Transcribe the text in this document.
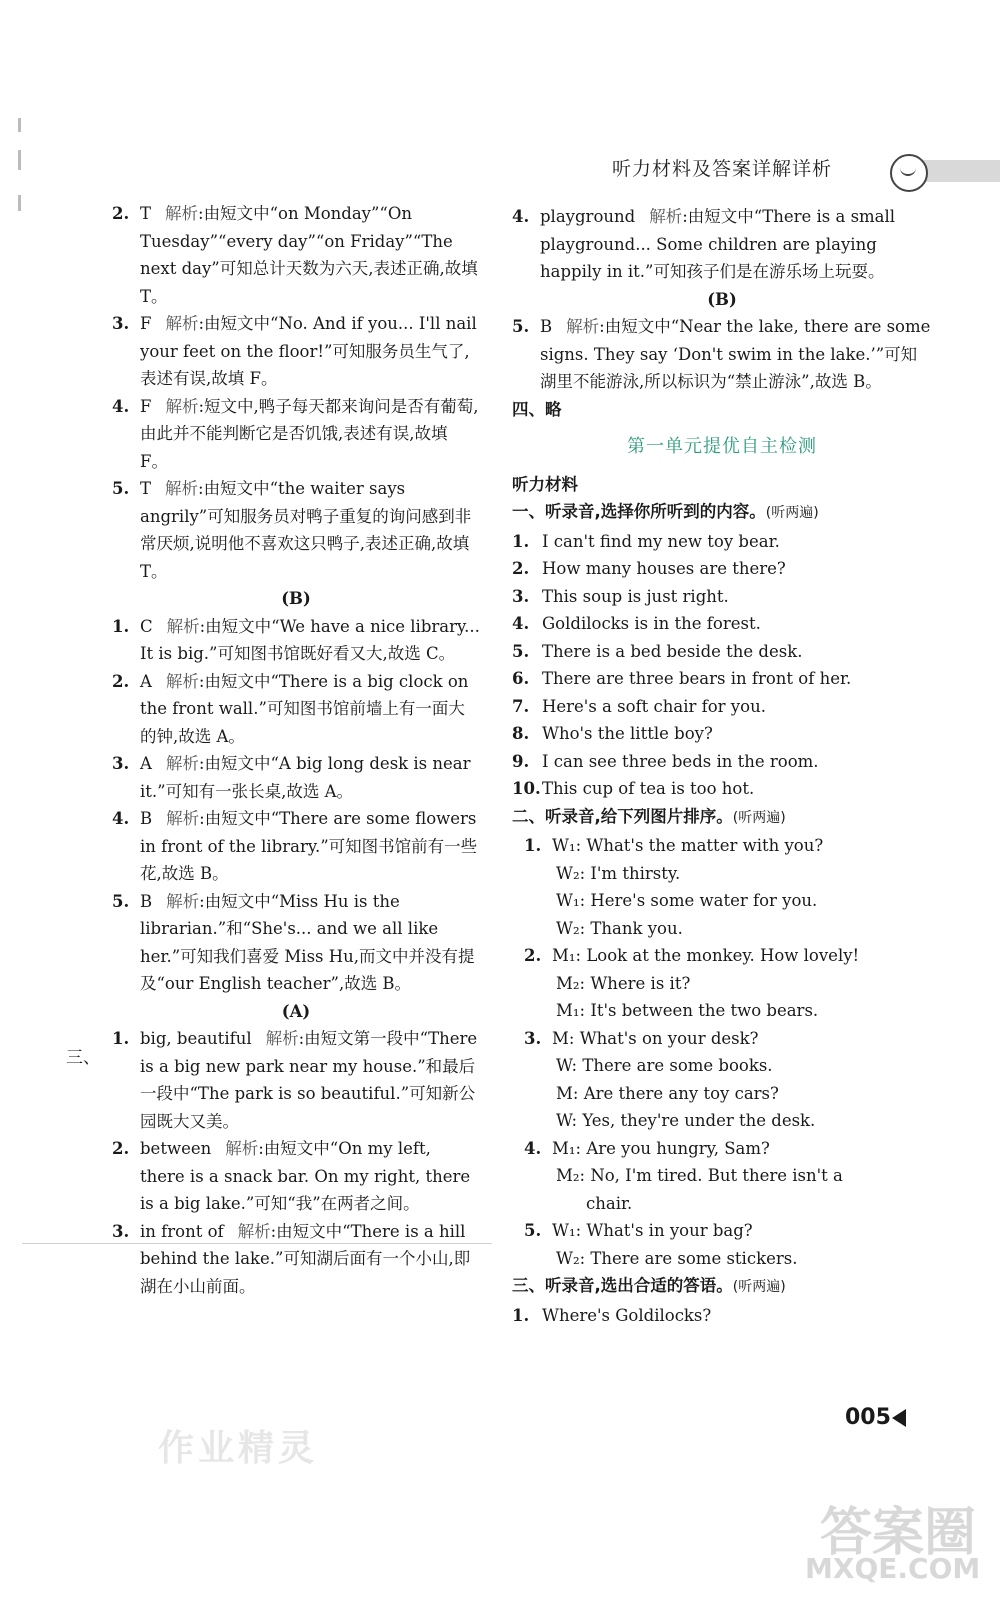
听力材料及答案详解详析

2. T 解析:由短文中“on Monday”“On Tuesday”“every day”“on Friday”“The next day”可知总计天数为六天,表述正确,故填 T。

3. F 解析:由短文中“No. And if you... I'll nail your feet on the floor!”可知服务员生气了,表述有误,故填 F。

4. F 解析:短文中,鸭子每天都来询问是否有葡萄,由此并不能判断它是否饥饿,表述有误,故填 F。

5. T 解析:由短文中“the waiter says angrily”可知服务员对鸭子重复的询问感到非常厌烦,说明他不喜欢这只鸭子,表述正确,故填 T。

(B)

1. C 解析:由短文中“We have a nice library... It is big.”可知图书馆既好看又大,故选 C。

2. A 解析:由短文中“There is a big clock on the front wall.”可知图书馆前墙上有一面大的钟,故选 A。

3. A 解析:由短文中“A big long desk is near it.”可知有一张长桌,故选 A。

4. B 解析:由短文中“There are some flowers in front of the library.”可知图书馆前有一些花,故选 B。

5. B 解析:由短文中“Miss Hu is the librarian.”和“She's... and we all like her.”可知我们喜爱 Miss Hu,而文中并没有提及“our English teacher”,故选 B。

(A)

1. big, beautiful 解析:由短文第一段中“There is a big new park near my house.”和最后一段中“The park is so beautiful.”可知新公园既大又美。

2. between 解析:由短文中“On my left, there is a snack bar. On my right, there is a big lake.”可知“我”在两者之间。

3. in front of 解析:由短文中“There is a hill behind the lake.”可知湖后面有一个小山,即湖在小山前面。

三、

4. playground 解析:由短文中“There is a small playground... Some children are playing happily in it.”可知孩子们是在游乐场上玩耍。

(B)

5. B 解析:由短文中“Near the lake, there are some signs. They say ‘Don't swim in the lake.’”可知湖里不能游泳,所以标识为“禁止游泳”,故选 B。

四、略

第一单元提优自主检测

听力材料

一、听录音,选择你所听到的内容。(听两遍)

1. I can't find my new toy bear.

2. How many houses are there?

3. This soup is just right.

4. Goldilocks is in the forest.

5. There is a bed beside the desk.

6. There are three bears in front of her.

7. Here's a soft chair for you.

8. Who's the little boy?

9. I can see three beds in the room.

10. This cup of tea is too hot.

二、听录音,给下列图片排序。(听两遍)

1. W₁: What's the matter with you?

W₂: I'm thirsty.

W₁: Here's some water for you.

W₂: Thank you.

2. M₁: Look at the monkey. How lovely!

M₂: Where is it?

M₁: It's between the two bears.

3. M: What's on your desk?

W: There are some books.

M: Are there any toy cars?

W: Yes, they're under the desk.

4. M₁: Are you hungry, Sam?

M₂: No, I'm tired. But there isn't a

chair.

5. W₁: What's in your bag?

W₂: There are some stickers.

三、听录音,选出合适的答语。(听两遍)

1. Where's Goldilocks?

005
作业精灵
答案圈
MXQE.COM
